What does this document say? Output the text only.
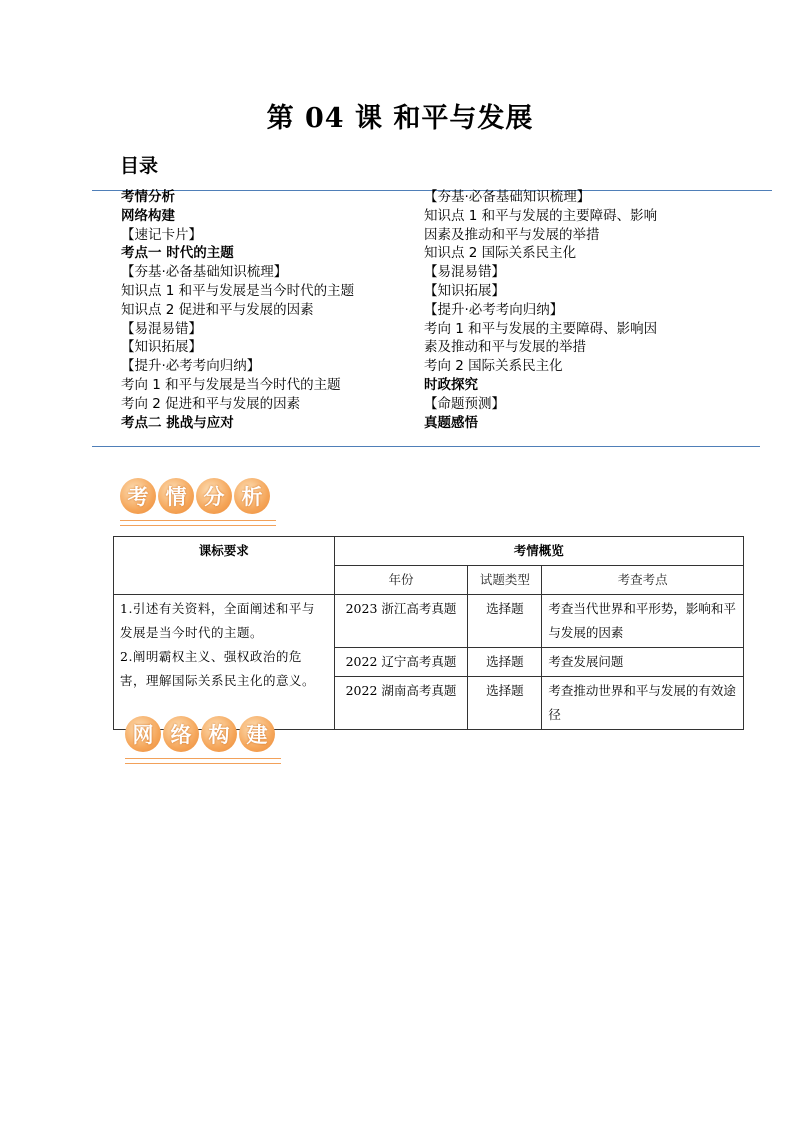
第 04 课 和平与发展
目录
考情分析
网络构建
【速记卡片】
考点一 时代的主题
【夯基·必备基础知识梳理】
知识点 1 和平与发展是当今时代的主题
知识点 2 促进和平与发展的因素
【易混易错】
【知识拓展】
【提升·必考考向归纳】
考向 1 和平与发展是当今时代的主题
考向 2 促进和平与发展的因素
考点二 挑战与应对
【夯基·必备基础知识梳理】
知识点 1 和平与发展的主要障碍、影响
因素及推动和平与发展的举措
知识点 2 国际关系民主化
【易混易错】
【知识拓展】
【提升·必考考向归纳】
考向 1 和平与发展的主要障碍、影响因
素及推动和平与发展的举措
考向 2 国际关系民主化
时政探究
【命题预测】
真题感悟
考 情 分 析
课标要求	考情概览		
	年份	试题类型	考查考点
1.引述有关资料，全面阐述和平与发展是当今时代的主题。
2.阐明霸权主义、强权政治的危害，理解国际关系民主化的意义。	2023 浙江高考真题	选择题	考查当代世界和平形势，影响和平与发展的因素
	2022 辽宁高考真题	选择题	考查发展问题
	2022 湖南高考真题	选择题	考查推动世界和平与发展的有效途径
网 络 构 建
